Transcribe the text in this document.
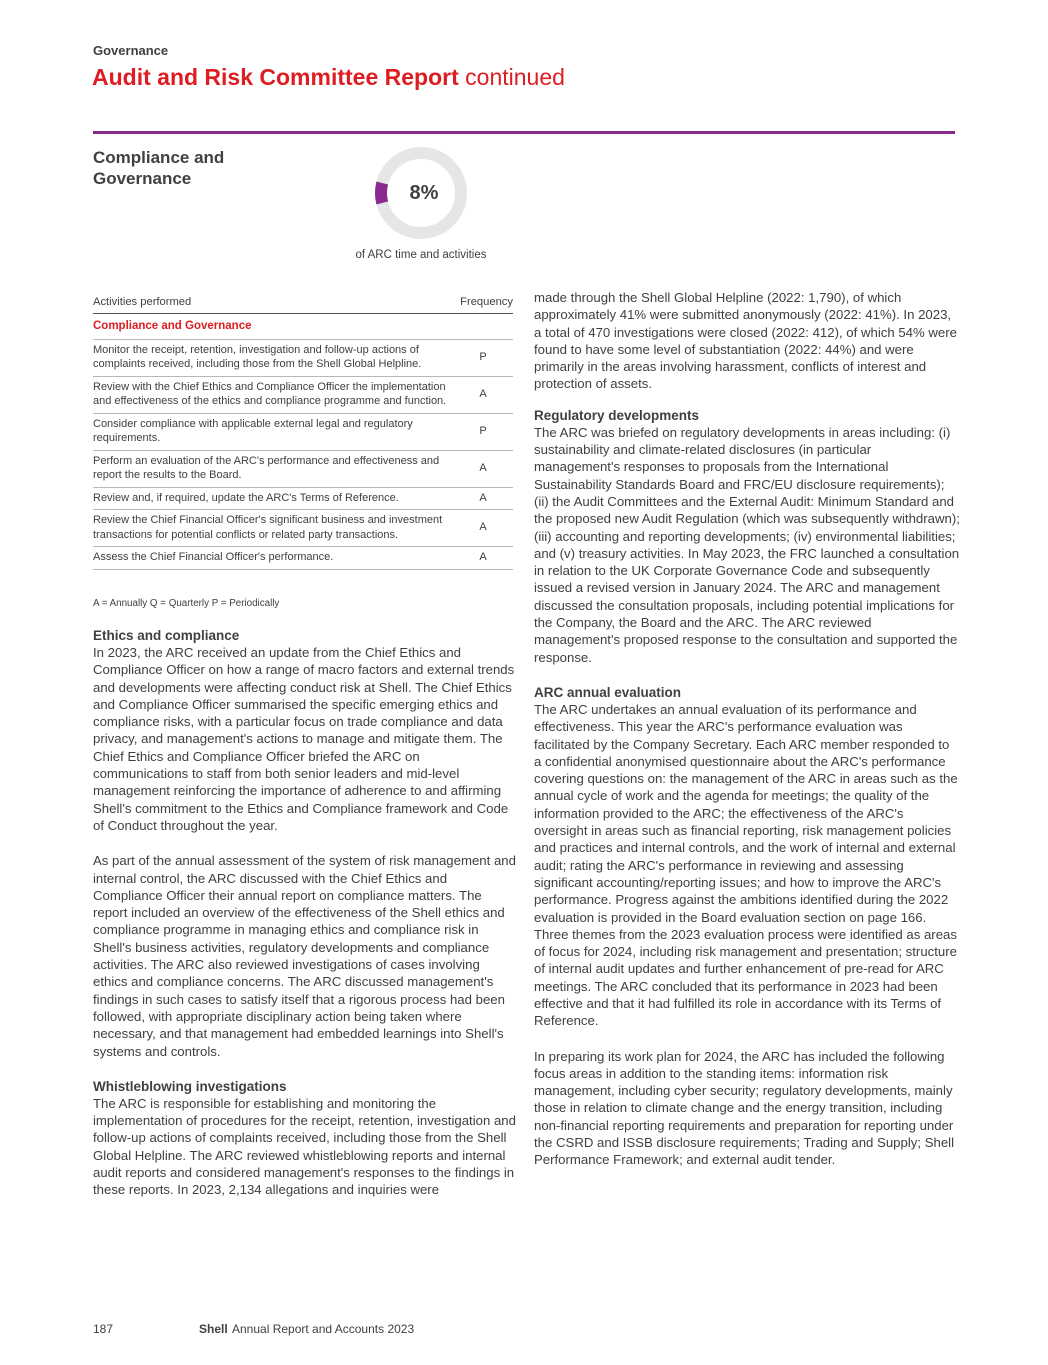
Governance
Audit and Risk Committee Report continued
Compliance and Governance
8%
of ARC time and activities
Activities performed	Frequency
Compliance and Governance	
Monitor the receipt, retention, investigation and follow-up actions of complaints received, including those from the Shell Global Helpline.	P
Review with the Chief Ethics and Compliance Officer the implementation and effectiveness of the ethics and compliance programme and function.	A
Consider compliance with applicable external legal and regulatory requirements.	P
Perform an evaluation of the ARC's performance and effectiveness and report the results to the Board.	A
Review and, if required, update the ARC's Terms of Reference.	A
Review the Chief Financial Officer's significant business and investment transactions for potential conflicts or related party transactions.	A
Assess the Chief Financial Officer's performance.	A
A = Annually Q = Quarterly P = Periodically
Ethics and compliance

In 2023, the ARC received an update from the Chief Ethics and Compliance Officer on how a range of macro factors and external trends and developments were affecting conduct risk at Shell. The Chief Ethics and Compliance Officer summarised the specific emerging ethics and compliance risks, with a particular focus on trade compliance and data privacy, and management's actions to manage and mitigate them. The Chief Ethics and Compliance Officer briefed the ARC on communications to staff from both senior leaders and mid-level management reinforcing the importance of adherence to and affirming Shell's commitment to the Ethics and Compliance framework and Code of Conduct throughout the year.

As part of the annual assessment of the system of risk management and internal control, the ARC discussed with the Chief Ethics and Compliance Officer their annual report on compliance matters. The report included an overview of the effectiveness of the Shell ethics and compliance programme in managing ethics and compliance risk in Shell's business activities, regulatory developments and compliance activities. The ARC also reviewed investigations of cases involving ethics and compliance concerns. The ARC discussed management's findings in such cases to satisfy itself that a rigorous process had been followed, with appropriate disciplinary action being taken where necessary, and that management had embedded learnings into Shell's systems and controls.

Whistleblowing investigations

The ARC is responsible for establishing and monitoring the implementation of procedures for the receipt, retention, investigation and follow-up actions of complaints received, including those from the Shell Global Helpline. The ARC reviewed whistleblowing reports and internal audit reports and considered management's responses to the findings in these reports. In 2023, 2,134 allegations and inquiries were

made through the Shell Global Helpline (2022: 1,790), of which approximately 41% were submitted anonymously (2022: 41%). In 2023, a total of 470 investigations were closed (2022: 412), of which 54% were found to have some level of substantiation (2022: 44%) and were primarily in the areas involving harassment, conflicts of interest and protection of assets.

Regulatory developments

The ARC was briefed on regulatory developments in areas including: (i) sustainability and climate-related disclosures (in particular management's responses to proposals from the International Sustainability Standards Board and FRC/EU disclosure requirements); (ii) the Audit Committees and the External Audit: Minimum Standard and the proposed new Audit Regulation (which was subsequently withdrawn); (iii) accounting and reporting developments; (iv) environmental liabilities; and (v) treasury activities. In May 2023, the FRC launched a consultation in relation to the UK Corporate Governance Code and subsequently issued a revised version in January 2024. The ARC and management discussed the consultation proposals, including potential implications for the Company, the Board and the ARC. The ARC reviewed management's proposed response to the consultation and supported the response.

ARC annual evaluation

The ARC undertakes an annual evaluation of its performance and effectiveness. This year the ARC's performance evaluation was facilitated by the Company Secretary. Each ARC member responded to a confidential anonymised questionnaire about the ARC's performance covering questions on: the management of the ARC in areas such as the annual cycle of work and the agenda for meetings; the quality of the information provided to the ARC; the effectiveness of the ARC's oversight in areas such as financial reporting, risk management policies and practices and internal controls, and the work of internal and external audit; rating the ARC's performance in reviewing and assessing significant accounting/reporting issues; and how to improve the ARC's performance. Progress against the ambitions identified during the 2022 evaluation is provided in the Board evaluation section on page 166. Three themes from the 2023 evaluation process were identified as areas of focus for 2024, including risk management and presentation; structure of internal audit updates and further enhancement of pre-read for ARC meetings. The ARC concluded that its performance in 2023 had been effective and that it had fulfilled its role in accordance with its Terms of Reference.

In preparing its work plan for 2024, the ARC has included the following focus areas in addition to the standing items: information risk management, including cyber security; regulatory developments, mainly those in relation to climate change and the energy transition, including non-financial reporting requirements and preparation for reporting under the CSRD and ISSB disclosure requirements; Trading and Supply; Shell Performance Framework; and external audit tender.

187	Shell Annual Report and Accounts 2023
